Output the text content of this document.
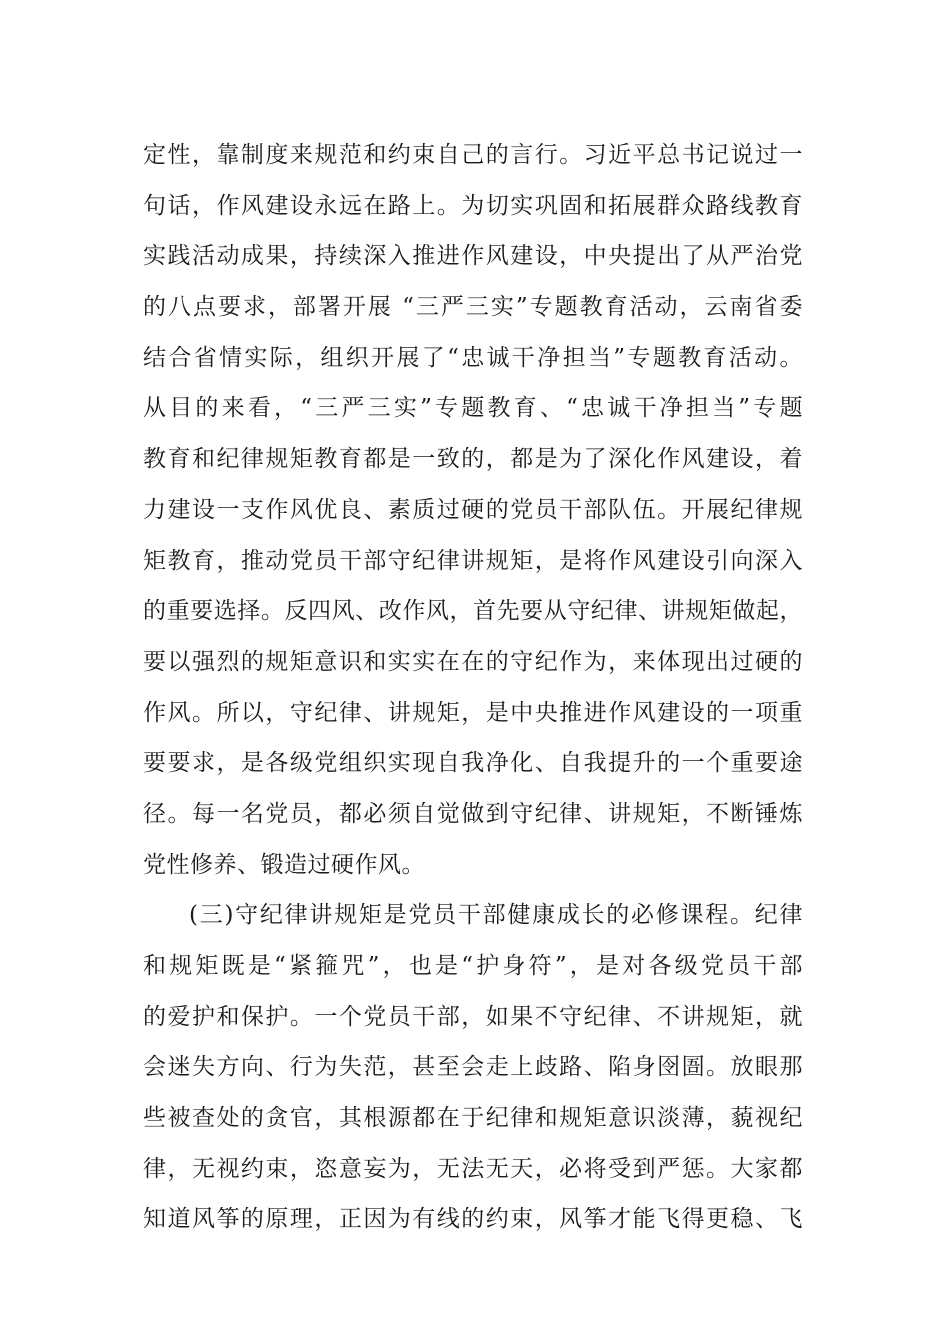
定性，靠制度来规范和约束自己的言行。习近平总书记说过一
句话，作风建设永远在路上。为切实巩固和拓展群众路线教育
实践活动成果，持续深入推进作风建设，中央提出了从严治党
的八点要求，部署开展 “三严三实”专题教育活动，云南省委
结合省情实际，组织开展了“忠诚干净担当”专题教育活动。
从目的来看，“三严三实”专题教育、“忠诚干净担当”专题
教育和纪律规矩教育都是一致的，都是为了深化作风建设，着
力建设一支作风优良、素质过硬的党员干部队伍。开展纪律规
矩教育，推动党员干部守纪律讲规矩，是将作风建设引向深入
的重要选择。反四风、改作风，首先要从守纪律、讲规矩做起，
要以强烈的规矩意识和实实在在的守纪作为，来体现出过硬的
作风。所以，守纪律、讲规矩，是中央推进作风建设的一项重
要要求，是各级党组织实现自我净化、自我提升的一个重要途
径。每一名党员，都必须自觉做到守纪律、讲规矩，不断锤炼
党性修养、锻造过硬作风。
(三)守纪律讲规矩是党员干部健康成长的必修课程。纪律
和规矩既是“紧箍咒”，也是“护身符”，是对各级党员干部
的爱护和保护。一个党员干部，如果不守纪律、不讲规矩，就
会迷失方向、行为失范，甚至会走上歧路、陷身囹圄。放眼那
些被查处的贪官，其根源都在于纪律和规矩意识淡薄，藐视纪
律，无视约束，恣意妄为，无法无天，必将受到严惩。大家都
知道风筝的原理，正因为有线的约束，风筝才能飞得更稳、飞
